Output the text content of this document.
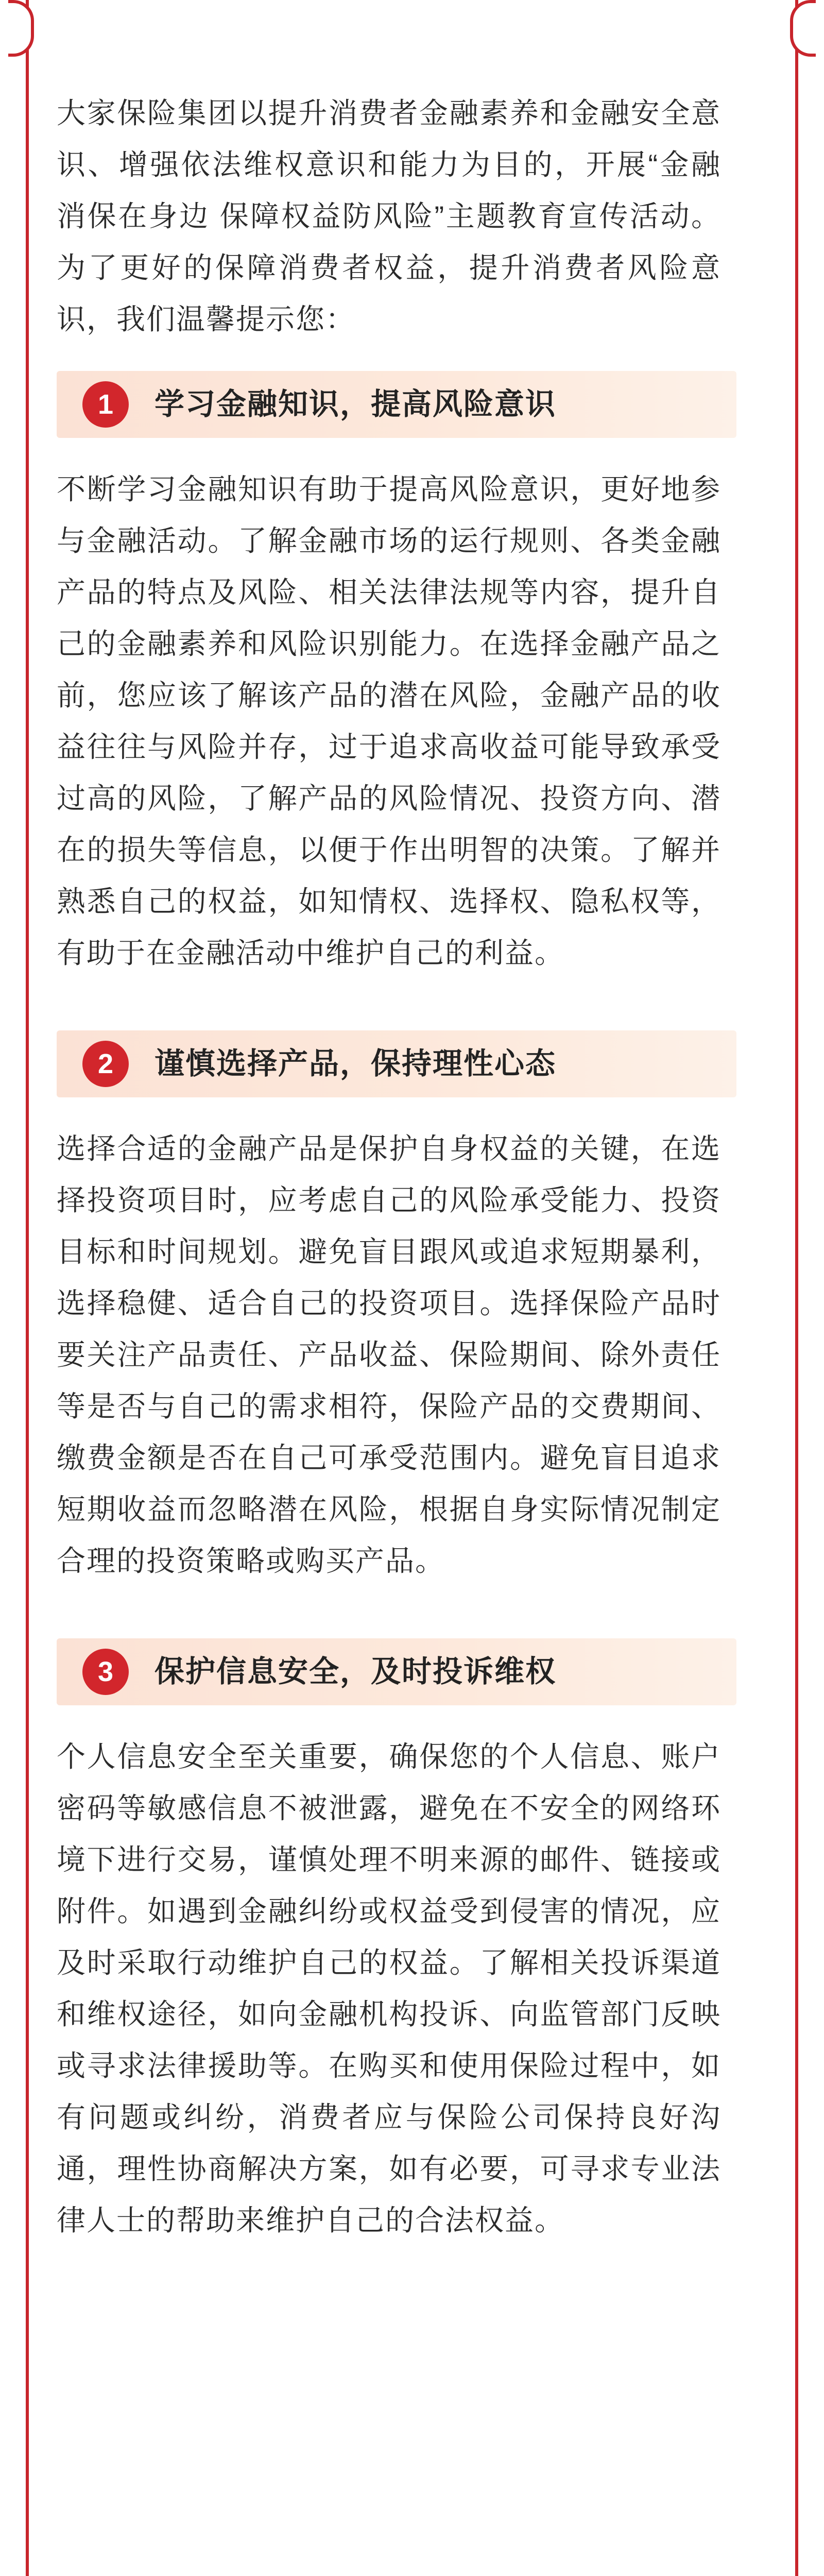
大家保险集团以提升消费者金融素养和金融安全意识、增强依法维权意识和能力为目的，开展“金融消保在身边 保障权益防风险”主题教育宣传活动。为了更好的保障消费者权益，提升消费者风险意识，我们温馨提示您：

1	学习金融知识，提高风险意识

不断学习金融知识有助于提高风险意识，更好地参与金融活动。了解金融市场的运行规则、各类金融产品的特点及风险、相关法律法规等内容，提升自己的金融素养和风险识别能力。在选择金融产品之前，您应该了解该产品的潜在风险，金融产品的收益往往与风险并存，过于追求高收益可能导致承受过高的风险，了解产品的风险情况、投资方向、潜在的损失等信息，以便于作出明智的决策。了解并熟悉自己的权益，如知情权、选择权、隐私权等，有助于在金融活动中维护自己的利益。

2	谨慎选择产品，保持理性心态

选择合适的金融产品是保护自身权益的关键，在选择投资项目时，应考虑自己的风险承受能力、投资目标和时间规划。避免盲目跟风或追求短期暴利，选择稳健、适合自己的投资项目。选择保险产品时要关注产品责任、产品收益、保险期间、除外责任等是否与自己的需求相符，保险产品的交费期间、缴费金额是否在自己可承受范围内。避免盲目追求短期收益而忽略潜在风险，根据自身实际情况制定合理的投资策略或购买产品。

3	保护信息安全，及时投诉维权

个人信息安全至关重要，确保您的个人信息、账户密码等敏感信息不被泄露，避免在不安全的网络环境下进行交易，谨慎处理不明来源的邮件、链接或附件。如遇到金融纠纷或权益受到侵害的情况，应及时采取行动维护自己的权益。了解相关投诉渠道和维权途径，如向金融机构投诉、向监管部门反映或寻求法律援助等。在购买和使用保险过程中，如有问题或纠纷，消费者应与保险公司保持良好沟通，理性协商解决方案，如有必要，可寻求专业法律人士的帮助来维护自己的合法权益。
